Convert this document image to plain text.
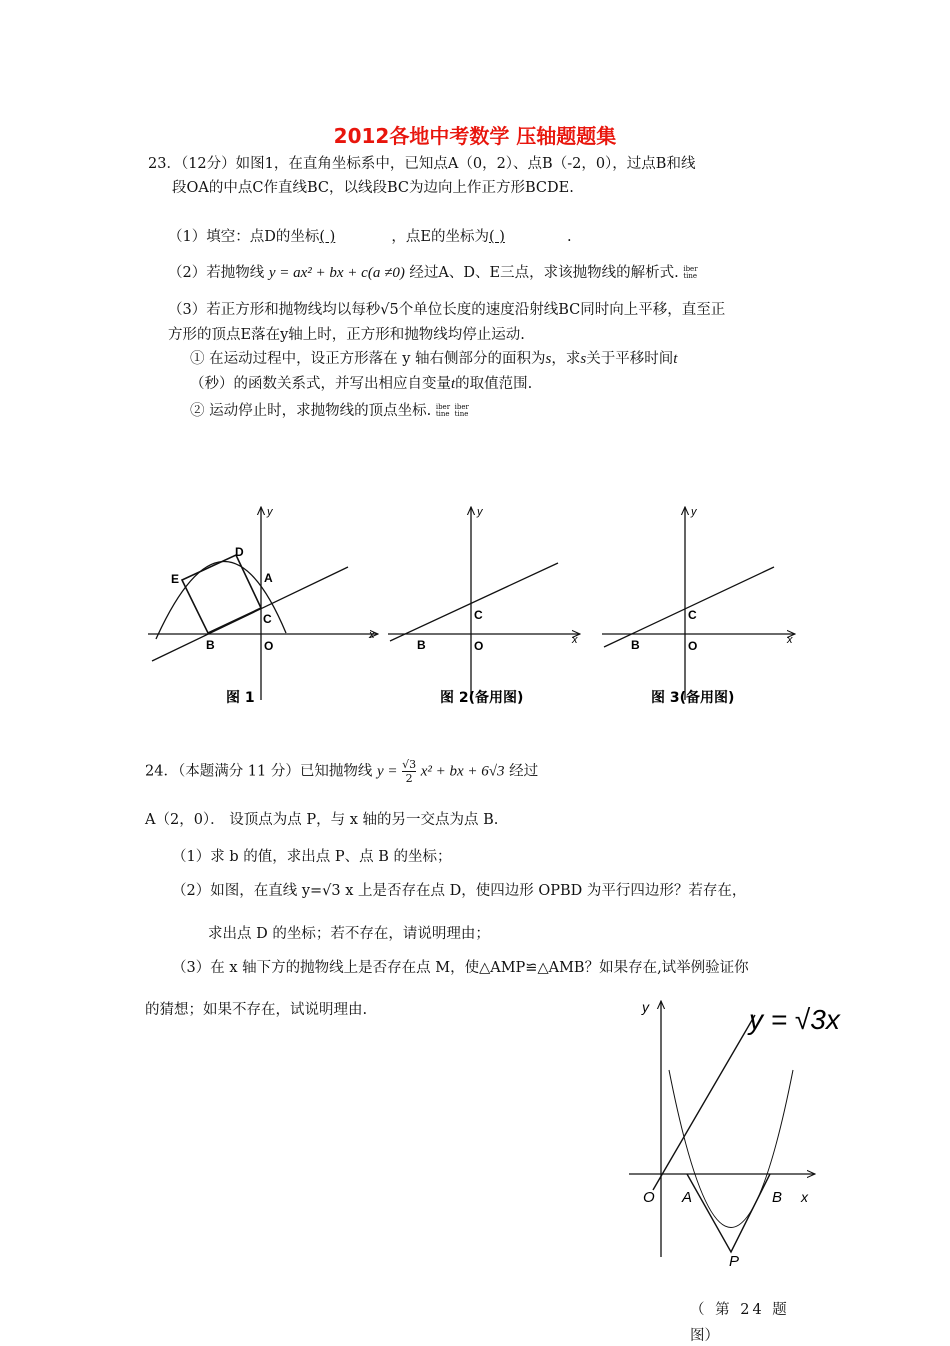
2012各地中考数学 压轴题题集
23．（12分）如图1，在直角坐标系中，已知点A（0，2）、点B（-2，0），过点B和线
段OA的中点C作直线BC，以线段BC为边向上作正方形BCDE.
（1）填空：点D的坐标( )	，点E的坐标为( )	.
（2）若抛物线 y = ax² + bx + c(a ≠0) 经过A、D、E三点，求该抛物线的解析式. iber
tine
（3）若正方形和抛物线均以每秒√5个单位长度的速度沿射线BC同时向上平移，直至正
方形的顶点E落在y轴上时，正方形和抛物线均停止运动.
① 在运动过程中，设正方形落在 y 轴右侧部分的面积为s，求s关于平移时间t
（秒）的函数关系式，并写出相应自变量t的取值范围.
② 运动停止时，求抛物线的顶点坐标. iber
tine iber
tine
y
x
O
B
C
A
D
E
y
x
O
B
C
y
x
O
B
C
图 1	图 2(备用图)	图 3(备用图)
24．（本题满分 11 分）已知抛物线 $y = \frac{√3}{2} x^2$ + bx + 6√3 经过
A（2，0）． 设顶点为点 P，与 x 轴的另一交点为点 B.
（1）求 b 的值，求出点 P、点 B 的坐标；
（2）如图，在直线 y=√3 x 上是否存在点 D，使四边形 OPBD 为平行四边形？若存在，
求出点 D 的坐标；若不存在，请说明理由；
（3）在 x 轴下方的抛物线上是否存在点 M，使△AMP≌△AMB？如果存在,试举例验证你
的猜想；如果不存在，试说明理由.	y	y = √3x
O A	B x
P
（ 第 24 题
图）
